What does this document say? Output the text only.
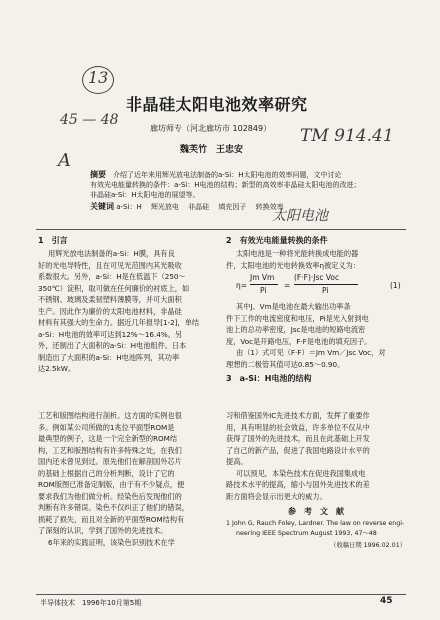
13
45 — 48
TM 914.41
A
太阳电池
非晶硅太阳电池效率研究
廊坊师专（河北廊坊市 102849）
魏芙竹　王忠安
摘要　 介绍了近年来用辉光放电法制备的a-Si：H太阳电池的效率问题，文中讨论
有效光电能量转换的条件：a-Si：H电池的结构；新型的高效率非晶硅太阳电池的改进；
非晶硅a-Si：H太阳电池的展望等。
关键词 a-Si：H　 辉光放电　 非晶硅　 填充因子　 转换效率
1　引言
用辉光放电法制备的a-Si：H膜，具有良
好的光电导特性，且在可见光范围内其光吸收
系数很大。另外，a-Si：H是在低温下（250～
350℃）淀积，取可做在任何廉价的衬底上，如
不锈钢、玻璃及柔韧塑料薄膜等，并可大面积
生产。因此作为廉价的太阳电池材料，非晶硅
材料有其强大的生命力。据近几年报导[1-2]，单结
a-Si：H电池的效率可达到12%～16.4%。另
外，还制出了大面积的a-Si：H电池组件。日本
制造出了大面积的a-Si：H电池阵列，其功率
达2.5kW。
2　有效光电能量转换的条件
太阳电池是一种将光能转换成电能的器
件，太阳电池的光电转换效率η被定义为：
η=
Jm Vm
Pi
=
(F·F)·Jsc Voc
Pi
(1)
其中J、Vm是电池在最大输出功率条
件下工作的电流密度和电压，Pi是光入射到电
池上的总功率密度，Jsc是电池的短路电流密
度，Voc是开路电压，F·F是电池的填充因子。
由（1）式可见（F·F）＝Jm Vm／Jsc Voc，对
理想的二极管其值可达0.85～0.90。
3　a-Si：H电池的结构
工艺和版图结构进行剖析。这方面的实例也很
多。例如某公司所做的1兆位平面型ROM是
最典型的例子，这是一个完全新型的ROM结
构，工艺和版图结构有许多特殊之处，在我们
国内还未曾见到过。原先他们在解剖国外芯片
的基础上根据自己的分析判断，设计了它的
ROM版图已准备定制版，由于有不少疑点，便
要求我们为他们做分析。经染色后发现他们的
判断有许多错误。染色不仅纠正了他们的错误，
损耗了损失，而且对全新的平面型ROM结构有
了深刻的认识，学到了国外的先进技术。
6年来的实践证明，该染色识别技术在学
习和借鉴国外IC先进技术方面，发挥了重要作
用，具有明显的社会效益，许多单位不仅从中
获得了国外的先进技术，而且在此基础上开发
了自己的新产品，促进了我国电路设计水平的
提高。
可以预见，本染色技术在促进我国集成电
路技术水平的提高，缩小与国外先进技术的差
距方面将会显示出更大的威力。
参　考　文　献
1 John G, Rauch Foley, Lardner. The law on reverse engi-
neering IEEE Spectrum August 1993, 47～48
（收稿日期 1996.02.01）
半导体技术　1996年10月第5期	45
